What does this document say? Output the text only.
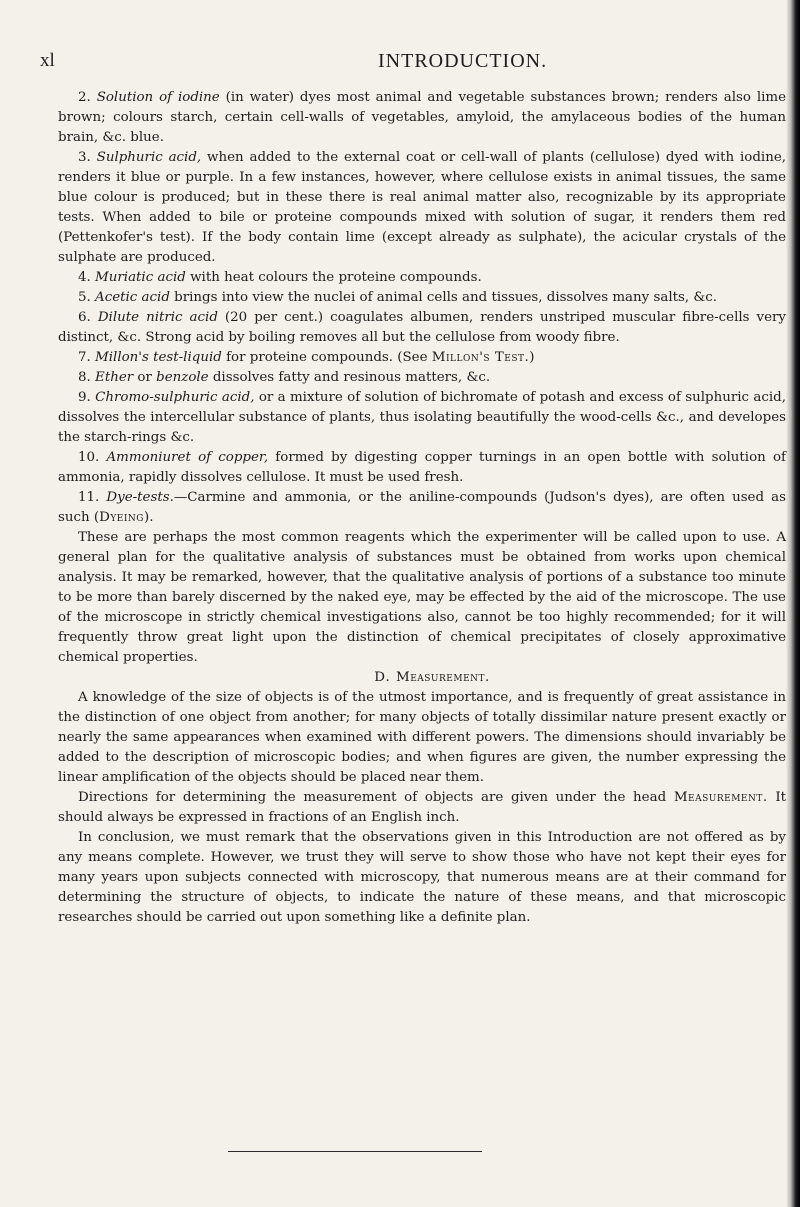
xl	INTRODUCTION.

2. Solution of iodine (in water) dyes most animal and vegetable substances brown; renders also lime brown; colours starch, certain cell-walls of vegetables, amyloid, the amylaceous bodies of the human brain, &c. blue.

3. Sulphuric acid, when added to the external coat or cell-wall of plants (cellulose) dyed with iodine, renders it blue or purple. In a few instances, however, where cellulose exists in animal tissues, the same blue colour is produced; but in these there is real animal matter also, recognizable by its appropriate tests. When added to bile or proteine compounds mixed with solution of sugar, it renders them red (Pettenkofer's test). If the body contain lime (except already as sulphate), the acicular crystals of the sulphate are produced.

4. Muriatic acid with heat colours the proteine compounds.

5. Acetic acid brings into view the nuclei of animal cells and tissues, dissolves many salts, &c.

6. Dilute nitric acid (20 per cent.) coagulates albumen, renders unstriped muscular fibre-cells very distinct, &c. Strong acid by boiling removes all but the cellulose from woody fibre.

7. Millon's test-liquid for proteine compounds. (See Millon's Test.)

8. Ether or benzole dissolves fatty and resinous matters, &c.

9. Chromo-sulphuric acid, or a mixture of solution of bichromate of potash and excess of sulphuric acid, dissolves the intercellular substance of plants, thus isolating beautifully the wood-cells &c., and developes the starch-rings &c.

10. Ammoniuret of copper, formed by digesting copper turnings in an open bottle with solution of ammonia, rapidly dissolves cellulose. It must be used fresh.

11. Dye-tests.—Carmine and ammonia, or the aniline-compounds (Judson's dyes), are often used as such (Dyeing).

These are perhaps the most common reagents which the experimenter will be called upon to use. A general plan for the qualitative analysis of substances must be obtained from works upon chemical analysis. It may be remarked, however, that the qualitative analysis of portions of a substance too minute to be more than barely discerned by the naked eye, may be effected by the aid of the microscope. The use of the microscope in strictly chemical investigations also, cannot be too highly recommended; for it will frequently throw great light upon the distinction of chemical precipitates of closely approximative chemical properties.

D. Measurement.

A knowledge of the size of objects is of the utmost importance, and is frequently of great assistance in the distinction of one object from another; for many objects of totally dissimilar nature present exactly or nearly the same appearances when examined with different powers. The dimensions should invariably be added to the description of microscopic bodies; and when figures are given, the number expressing the linear amplification of the objects should be placed near them.

Directions for determining the measurement of objects are given under the head Measurement. It should always be expressed in fractions of an English inch.

In conclusion, we must remark that the observations given in this Introduction are not offered as by any means complete. However, we trust they will serve to show those who have not kept their eyes for many years upon subjects connected with microscopy, that numerous means are at their command for determining the structure of objects, to indicate the nature of these means, and that microscopic researches should be carried out upon something like a definite plan.
